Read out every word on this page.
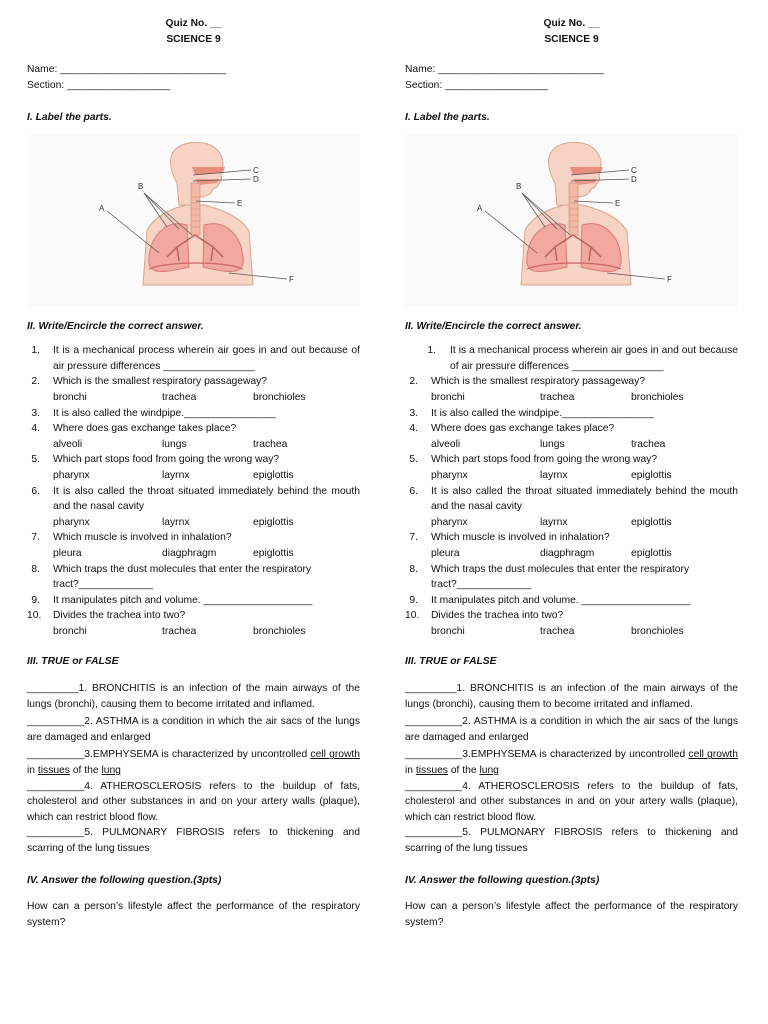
Quiz No. __
SCIENCE 9
Name: _____________________________
Section: __________________
I. Label the parts.
A
B
C
D
E
F
II. Write/Encircle the correct answer.
1. It is a mechanical process wherein air goes in and out because of air pressure differences ________________
2. Which is the smallest respiratory passageway?
bronchi	trachea	bronchioles
3. It is also called the windpipe.________________
4. Where does gas exchange takes place?
alveoli	lungs	trachea
5. Which part stops food from going the wrong way?
pharynx	layrnx	epiglottis
6. It is also called the throat situated immediately behind the mouth and the nasal cavity
pharynx	layrnx	epiglottis
7. Which muscle is involved in inhalation?
pleura	diagphragm	epiglottis
8. Which traps the dust molecules that enter the respiratory tract?_____________
9. It manipulates pitch and volume. ___________________
10. Divides the trachea into two?
bronchi	trachea	bronchioles
III. TRUE or FALSE

_________1. BRONCHITIS is an infection of the main airways of the lungs (bronchi), causing them to become irritated and inflamed.

__________2. ASTHMA is a condition in which the air sacs of the lungs are damaged and enlarged

__________3.EMPHYSEMA is characterized by uncontrolled cell growth in tissues of the lung

__________4. ATHEROSCLEROSIS refers to the buildup of fats, cholesterol and other substances in and on your artery walls (plaque), which can restrict blood flow.

__________5. PULMONARY FIBROSIS refers to thickening and scarring of the lung tissues

IV. Answer the following question.(3pts)
How can a person’s lifestyle affect the performance of the respiratory system?
Quiz No. __
SCIENCE 9
Name: _____________________________
Section: __________________
I. Label the parts.
A
B
C
D
E
F
II. Write/Encircle the correct answer.
1. It is a mechanical process wherein air goes in and out because of air pressure differences ________________
2. Which is the smallest respiratory passageway?
bronchi	trachea	bronchioles
3. It is also called the windpipe.________________
4. Where does gas exchange takes place?
alveoli	lungs	trachea
5. Which part stops food from going the wrong way?
pharynx	layrnx	epiglottis
6. It is also called the throat situated immediately behind the mouth and the nasal cavity
pharynx	layrnx	epiglottis
7. Which muscle is involved in inhalation?
pleura	diagphragm	epiglottis
8. Which traps the dust molecules that enter the respiratory tract?_____________
9. It manipulates pitch and volume. ___________________
10. Divides the trachea into two?
bronchi	trachea	bronchioles
III. TRUE or FALSE

_________1. BRONCHITIS is an infection of the main airways of the lungs (bronchi), causing them to become irritated and inflamed.

__________2. ASTHMA is a condition in which the air sacs of the lungs are damaged and enlarged

__________3.EMPHYSEMA is characterized by uncontrolled cell growth in tissues of the lung

__________4. ATHEROSCLEROSIS refers to the buildup of fats, cholesterol and other substances in and on your artery walls (plaque), which can restrict blood flow.

__________5. PULMONARY FIBROSIS refers to thickening and scarring of the lung tissues

IV. Answer the following question.(3pts)
How can a person’s lifestyle affect the performance of the respiratory system?
